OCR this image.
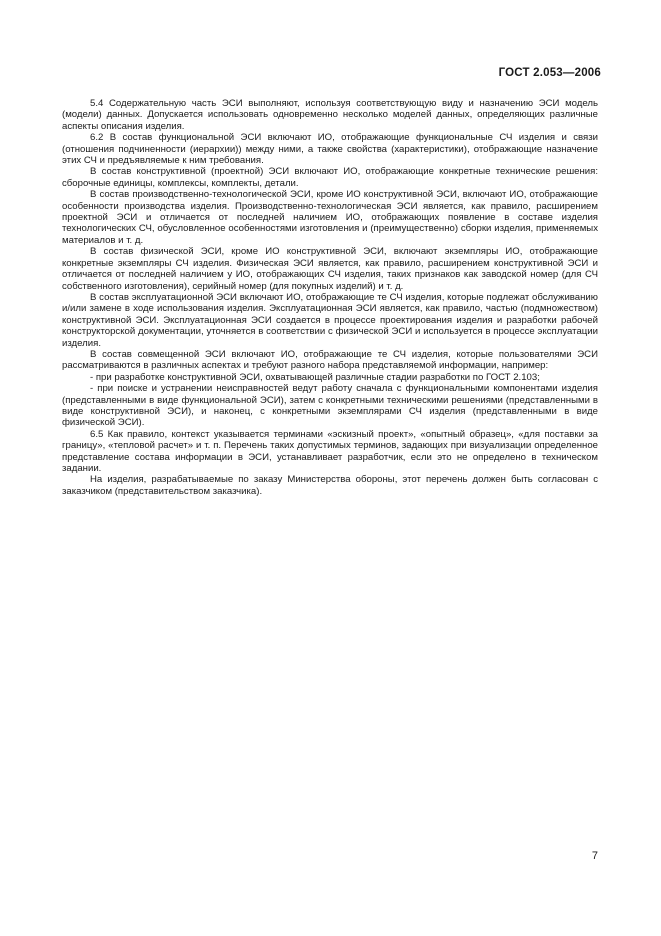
ГОСТ 2.053—2006

5.4 Содержательную часть ЭСИ выполняют, используя соответствующую виду и назначению ЭСИ модель (модели) данных. Допускается использовать одновременно несколько моделей данных, определяющих различные аспекты описания изделия.

6.2 В состав функциональной ЭСИ включают ИО, отображающие функциональные СЧ изделия и связи (отношения подчиненности (иерархии)) между ними, а также свойства (характеристики), отображающие назначение этих СЧ и предъявляемые к ним требования.

В состав конструктивной (проектной) ЭСИ включают ИО, отображающие конкретные технические решения: сборочные единицы, комплексы, комплекты, детали.

В состав производственно-технологической ЭСИ, кроме ИО конструктивной ЭСИ, включают ИО, отображающие особенности производства изделия. Производственно-технологическая ЭСИ является, как правило, расширением проектной ЭСИ и отличается от последней наличием ИО, отображающих появление в составе изделия технологических СЧ, обусловленное особенностями изготовления и (преимущественно) сборки изделия, применяемых материалов и т. д.

В состав физической ЭСИ, кроме ИО конструктивной ЭСИ, включают экземпляры ИО, отображающие конкретные экземпляры СЧ изделия. Физическая ЭСИ является, как правило, расширением конструктивной ЭСИ и отличается от последней наличием у ИО, отображающих СЧ изделия, таких признаков как заводской номер (для СЧ собственного изготовления), серийный номер (для покупных изделий) и т. д.

В состав эксплуатационной ЭСИ включают ИО, отображающие те СЧ изделия, которые подлежат обслуживанию и/или замене в ходе использования изделия. Эксплуатационная ЭСИ является, как правило, частью (подмножеством) конструктивной ЭСИ. Эксплуатационная ЭСИ создается в процессе проектирования изделия и разработки рабочей конструкторской документации, уточняется в соответствии с физической ЭСИ и используется в процессе эксплуатации изделия.

В состав совмещенной ЭСИ включают ИО, отображающие те СЧ изделия, которые пользователями ЭСИ рассматриваются в различных аспектах и требуют разного набора представляемой информации, например:

- при разработке конструктивной ЭСИ, охватывающей различные стадии разработки по ГОСТ 2.103;

- при поиске и устранении неисправностей ведут работу сначала с функциональными компонентами изделия (представленными в виде функциональной ЭСИ), затем с конкретными техническими решениями (представленными в виде конструктивной ЭСИ), и наконец, с конкретными экземплярами СЧ изделия (представленными в виде физической ЭСИ).

6.5 Как правило, контекст указывается терминами «эскизный проект», «опытный образец», «для поставки за границу», «тепловой расчет» и т. п. Перечень таких допустимых терминов, задающих при визуализации определенное представление состава информации в ЭСИ, устанавливает разработчик, если это не определено в техническом задании.

На изделия, разрабатываемые по заказу Министерства обороны, этот перечень должен быть согласован с заказчиком (представительством заказчика).

7
